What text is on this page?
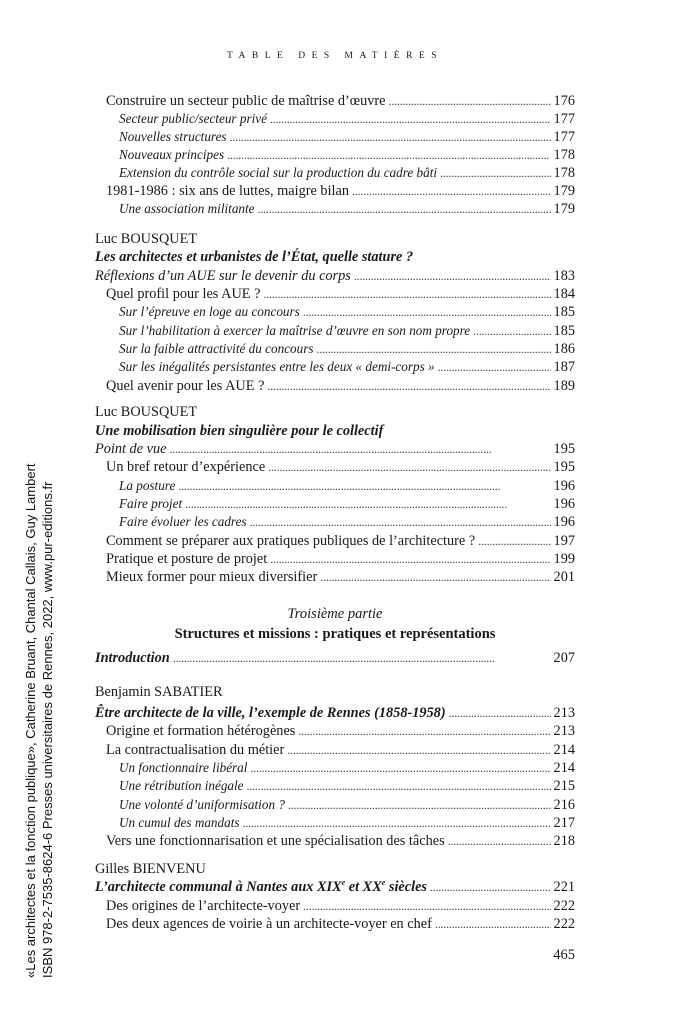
TABLE DES MATIÈRES
Construire un secteur public de maîtrise d’œuvre . . .	176
Secteur public/secteur privé . . .	177
Nouvelles structures . . .	177
Nouveaux principes . . .	178
Extension du contrôle social sur la production du cadre bâti . . .	178
1981-1986 : six ans de luttes, maigre bilan . . .	179
Une association militante . . .	179
Luc BOUSQUET
Les architectes et urbanistes de l’État, quelle stature ?
Réflexions d’un AUE sur le devenir du corps . . .	183
Quel profil pour les AUE ? . . .	184
Sur l’épreuve en loge au concours . . .	185
Sur l’habilitation à exercer la maîtrise d’œuvre en son nom propre . . .	185
Sur la faible attractivité du concours . . .	186
Sur les inégalités persistantes entre les deux « demi-corps » . . .	187
Quel avenir pour les AUE ? . . .	189
Luc BOUSQUET
Une mobilisation bien singulière pour le collectif
Point de vue . . .	195
Un bref retour d’expérience . . .	195
La posture . . .	196
Faire projet . . .	196
Faire évoluer les cadres . . .	196
Comment se préparer aux pratiques publiques de l’architecture ? . . .	197
Pratique et posture de projet . . .	199
Mieux former pour mieux diversifier . . .	201
Introduction . . .	207
Benjamin SABATIER
Être architecte de la ville, l’exemple de Rennes (1858-1958) . . .	213
Origine et formation hétérogènes . . .	213
La contractualisation du métier . . .	214
Un fonctionnaire libéral . . .	214
Une rétribution inégale . . .	215
Une volonté d’uniformisation ? . . .	216
Un cumul des mandats . . .	217
Vers une fonctionnarisation et une spécialisation des tâches . . .	218
Gilles BIENVENU
L’architecte communal à Nantes aux XIXe et XXe siècles . . .	221
Des origines de l’architecte-voyer . . .	222
Des deux agences de voirie à un architecte-voyer en chef . . .	222
Troisième partie
Structures et missions : pratiques et représentations
465
«Les architectes et la fonction publique», Catherine Bruant, Chantal Callais, Guy Lambert ISBN 978-2-7535-8624-6 Presses universitaires de Rennes, 2022, www.pur-editions.fr
